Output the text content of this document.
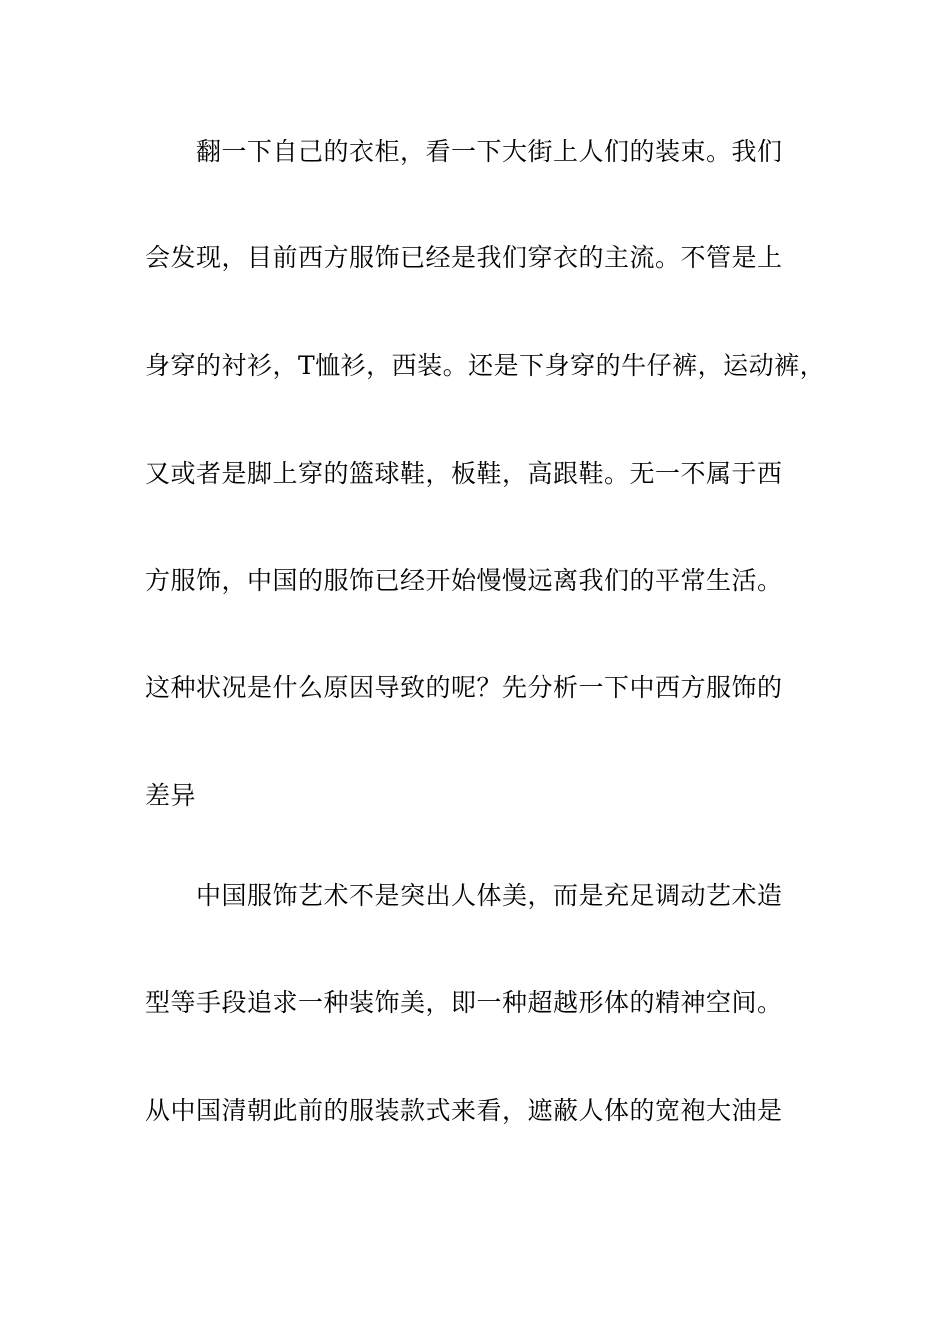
翻一下自己的衣柜，看一下大街上人们的装束。我们
会发现，目前西方服饰已经是我们穿衣的主流。不管是上
身穿的衬衫，T恤衫，西装。还是下身穿的牛仔裤，运动裤，
又或者是脚上穿的篮球鞋，板鞋，高跟鞋。无一不属于西
方服饰，中国的服饰已经开始慢慢远离我们的平常生活。
这种状况是什么原因导致的呢？先分析一下中西方服饰的
差异
中国服饰艺术不是突出人体美，而是充足调动艺术造
型等手段追求一种装饰美，即一种超越形体的精神空间。
从中国清朝此前的服装款式来看，遮蔽人体的宽袍大油是
